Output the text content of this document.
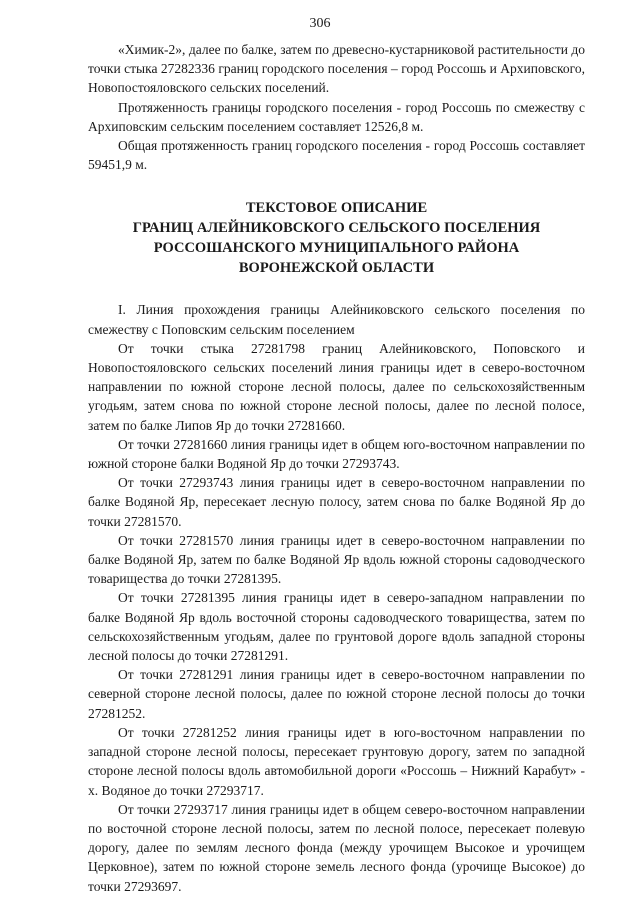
306

«Химик-2», далее по балке, затем по древесно-кустарниковой растительности до точки стыка 27282336 границ городского поселения – город Россошь и Архиповского, Новопостояловского сельских поселений.

Протяженность границы городского поселения - город Россошь по смежеству с Архиповским сельским поселением составляет 12526,8 м.

Общая протяженность границ городского поселения - город Россошь составляет 59451,9 м.

ТЕКСТОВОЕ ОПИСАНИЕ
ГРАНИЦ АЛЕЙНИКОВСКОГО СЕЛЬСКОГО ПОСЕЛЕНИЯ
РОССОШАНСКОГО МУНИЦИПАЛЬНОГО РАЙОНА
ВОРОНЕЖСКОЙ ОБЛАСТИ

I. Линия прохождения границы Алейниковского сельского поселения по смежеству с Поповским сельским поселением

От точки стыка 27281798 границ Алейниковского, Поповского и Новопостояловского сельских поселений линия границы идет в северо-восточном направлении по южной стороне лесной полосы, далее по сельскохозяйственным угодьям, затем снова по южной стороне лесной полосы, далее по лесной полосе, затем по балке Липов Яр до точки 27281660.

От точки 27281660 линия границы идет в общем юго-восточном направлении по южной стороне балки Водяной Яр до точки 27293743.

От точки 27293743 линия границы идет в северо-восточном направлении по балке Водяной Яр, пересекает лесную полосу, затем снова по балке Водяной Яр до точки 27281570.

От точки 27281570 линия границы идет в северо-восточном направлении по балке Водяной Яр, затем по балке Водяной Яр вдоль южной стороны садоводческого товарищества до точки 27281395.

От точки 27281395 линия границы идет в северо-западном направлении по балке Водяной Яр вдоль восточной стороны садоводческого товарищества, затем по сельскохозяйственным угодьям, далее по грунтовой дороге вдоль западной стороны лесной полосы до точки 27281291.

От точки 27281291 линия границы идет в северо-восточном направлении по северной стороне лесной полосы, далее по южной стороне лесной полосы до точки 27281252.

От точки 27281252 линия границы идет в юго-восточном направлении по западной стороне лесной полосы, пересекает грунтовую дорогу, затем по западной стороне лесной полосы вдоль автомобильной дороги «Россошь – Нижний Карабут» - х. Водяное до точки 27293717.

От точки 27293717 линия границы идет в общем северо-восточном направлении по восточной стороне лесной полосы, затем по лесной полосе, пересекает полевую дорогу, далее по землям лесного фонда (между урочищем Высокое и урочищем Церковное), затем по южной стороне земель лесного фонда (урочище Высокое) до точки 27293697.
